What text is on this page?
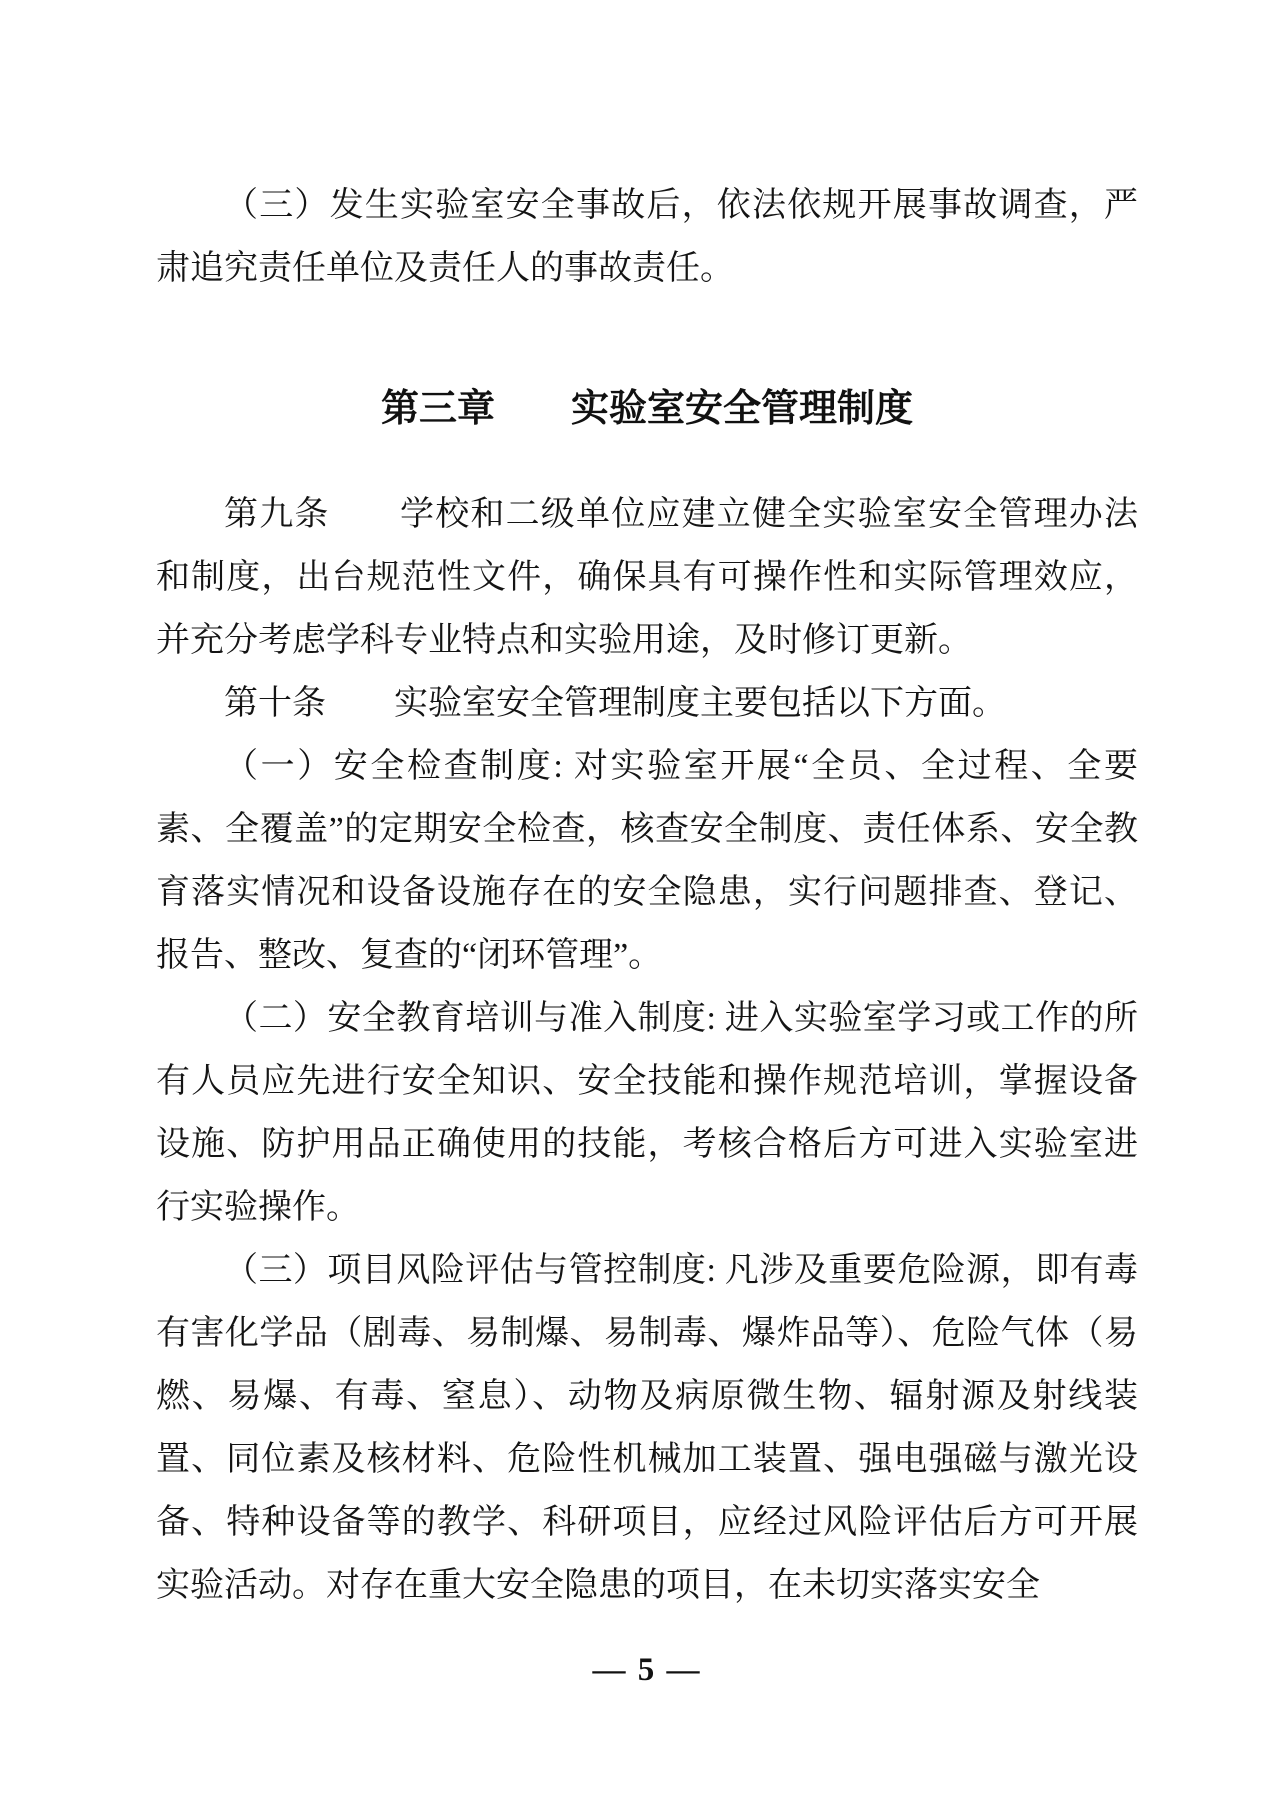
（三）发生实验室安全事故后，依法依规开展事故调查，严肃追究责任单位及责任人的事故责任。

第三章　　实验室安全管理制度

第九条　　学校和二级单位应建立健全实验室安全管理办法和制度，出台规范性文件，确保具有可操作性和实际管理效应，并充分考虑学科专业特点和实验用途，及时修订更新。

第十条　　实验室安全管理制度主要包括以下方面。

（一）安全检查制度: 对实验室开展“全员、全过程、全要素、全覆盖”的定期安全检查，核查安全制度、责任体系、安全教育落实情况和设备设施存在的安全隐患，实行问题排查、登记、报告、整改、复查的“闭环管理”。

（二）安全教育培训与准入制度: 进入实验室学习或工作的所有人员应先进行安全知识、安全技能和操作规范培训，掌握设备设施、防护用品正确使用的技能，考核合格后方可进入实验室进行实验操作。

（三）项目风险评估与管控制度: 凡涉及重要危险源，即有毒有害化学品（剧毒、易制爆、易制毒、爆炸品等）、危险气体（易燃、易爆、有毒、窒息）、动物及病原微生物、辐射源及射线装置、同位素及核材料、危险性机械加工装置、强电强磁与激光设备、特种设备等的教学、科研项目，应经过风险评估后方可开展实验活动。对存在重大安全隐患的项目，在未切实落实安全

— 5 —
